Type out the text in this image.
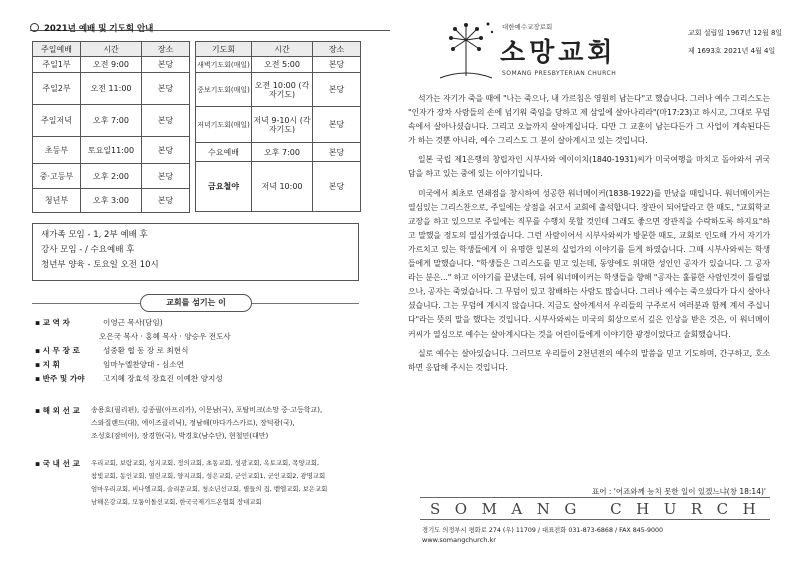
2021년 예배 및 기도회 안내
주일예배	시간	장소
주일1부	오전 9:00	본당
주일2부	오전 11:00	본당
주일저녁	오후 7:00	본당
초등부	토요일11:00	본당
중·고등부	오후 2:00	본당
청년부	오후 3:00	본당
기도회	시간	장소
새벽기도회(매일)	오전 5:00	본당
중보기도회(매일)	오전 10:00 (각자기도)	본당
저녁기도회(매일)	저녁 9-10시 (각자기도)	본당
수요예배	오후 7:00	본당
금요철야	저녁 10:00	본당
새가족 모임 - 1, 2부 예배 후
강사 모임 - / 수요예배 후
청년부 양육 - 토요일 오전 10시
교회를 섬기는 이
▪ 교 역 자	이영근 목사(담임)
오은국 목사 · 홍혜 목사 · 양승우 전도사
▪ 시 무 장 로	성중환 협 동 장 로 최현식
▪ 지 휘	임마누엘찬양대 - 심소연
▪ 반주 및 가야 고지혜 장효석 장효진 이예찬 양지성
▪ 해 외 선 교 송용호(필리핀), 김종필(아프리카), 이문남(국), 포탈비크(소망 중·고등학교),
스와질랜드(대), 에이즈클리닉), 정남해(마다가스카르), 장덕광(국),
조성호(잠비아), 장경한(국), 박경호(남수단), 현철민(대만)
▪ 국 내 선 교 우리교회, 보람교회, 성지교회, 정의교회, 초동교회, 성광교회, 옥토교회, 목양교회,
참빛교회, 동인교회, 열린교회, 양지교회, 성은교회, 군인교회1, 군인교회2, 광명교회
엄마우리교회, 비나엘교회, 슬리문교회, 청소년선교회, 별들의 집, 벧엘교회, 보은교회
남해은강교회, 모퉁이돌선교회, 한국국제기드온협회 장대교회
대한예수교장로회
소망교회
SOMANG PRESBYTERIAN CHURCH
교회 설립일 1967년 12월 8일
제 1693호 2021년 4월 4일

석가는 자기가 죽을 때에 "나는 죽으나, 내 가르침은 영원히 남는다"고 했습니다. 그러나 예수 그리스도는 "인자가 장차 사람들의 손에 넘기워 죽임을 당하고 제 삼일에 살아나리라"(마17:23)고 하시고, 그대로 무덤 속에서 살아나셨습니다. 그리고 오늘까지 살아계십니다. 다만 그 교훈이 남는다든가 그 사업이 계속된다든가 하는 것뿐 아니라, 예수 그리스도 그 분이 살아계시고 있는 것입니다.

일본 국립 제1은행의 창립자인 시부사와 에이이치(1840-1931)씨가 미국여행을 마치고 돌아와서 귀국담을 하고 있는 중에 있는 이야기입니다.

미국에서 최초로 연쇄점을 창시하여 성공한 워너메이커(1838-1922)를 만났을 때입니다. 워너메이커는 열심있는 그리스찬으로, 주일에는 상점을 쉬고서 교회에 출석합니다. 장관이 되어달라고 한 때도, "교회학교 교장을 하고 있으므로 주일에는 직무를 수행치 못할 것인데 그래도 좋으면 장관직을 수락하도록 하지요"하고 말했을 정도의 열심가였습니다. 그런 사람이어서 시부사와씨가 방문한 때도, 교회로 인도해 가서 자기가 가르치고 있는 학생들에게 이 유명한 일본의 실업가의 이야기를 듣게 하였습니다. 그때 시부사와씨는 학생들에게 말했습니다. "학생들은 그리스도를 믿고 있는데, 동양에도 위대한 성인인 공자가 있습니다. 그 공자라는 분은..." 하고 이야기를 끝냈는데, 뒤에 워너메이커는 학생들을 향해 "공자는 훌륭한 사람인것이 틀림없으나, 공자는 죽었습니다. 그 무덤이 있고 참배하는 사람도 많습니다. 그러나 예수는 죽으셨다가 다시 살아나셨습니다. 그는 무덤에 계시지 않습니다. 지금도 살아계셔서 우리들의 구주로서 여러분과 함께 계셔 주십니다"라는 뜻의 말을 했다는 것입니다. 시부사와씨는 미국의 회상으로서 깊은 인상을 받은 것은, 이 워너메이커씨가 열심으로 예수는 살아계시다는 것을 어린이들에게 이야기한 광경이었다고 술회했습니다.

실로 예수는 살아있습니다. 그러므로 우리들이 2천년전의 예수의 말씀을 믿고 기도하며, 간구하고, 호소하면 응답해 주시는 것입니다.

표어 : '어죠와께 능치 못한 일이 있겠느냐(창 18:14)'
SOMANG CHURCH
경기도 의정부시 평화로 274 (우) 11709 / 대표전화 031-873-6868 / FAX 845-9000
www.somangchurch.kr
